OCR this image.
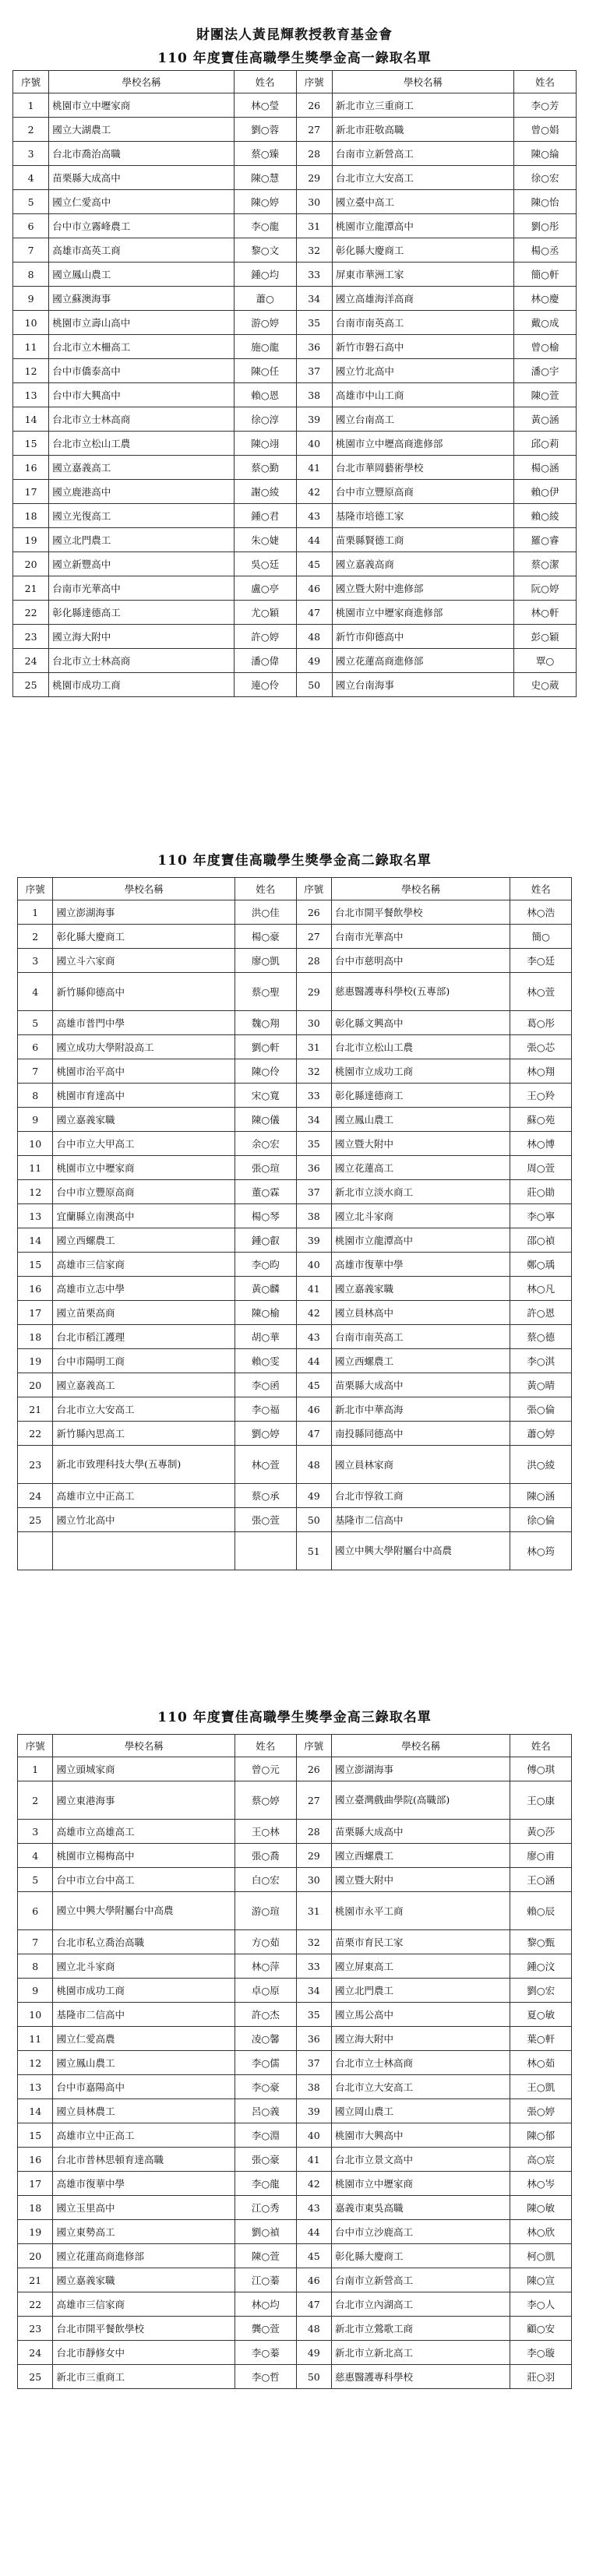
財團法人黃昆輝教授教育基金會
110 年度寶佳高職學生獎學金高一錄取名單
序號	學校名稱	姓名	序號	學校名稱	姓名
1	桃園市立中壢家商	林○瑩	26	新北市立三重商工	李○芳
2	國立大湖農工	劉○蓉	27	新北市莊敬高職	曾○娟
3	台北市喬治高職	蔡○臻	28	台南市立新營高工	陳○綸
4	苗栗縣大成高中	陳○慧	29	台北市立大安高工	徐○宏
5	國立仁愛高中	陳○婷	30	國立臺中高工	陳○怡
6	台中市立霧峰農工	李○龍	31	桃園市立龍潭高中	劉○彤
7	高雄市高英工商	黎○文	32	彰化縣大慶商工	楊○丞
8	國立鳳山農工	鍾○均	33	屏東市華洲工家	簡○軒
9	國立蘇澳海事	蕭○	34	國立高雄海洋高商	林○慶
10	桃園市立壽山高中	游○婷	35	台南市南英高工	戴○成
11	台北市立木柵高工	施○龍	36	新竹市磐石高中	曾○榆
12	台中市僑泰高中	陳○任	37	國立竹北高中	潘○宇
13	台中市大興高中	賴○恩	38	高雄市中山工商	陳○萱
14	台北市立士林高商	徐○淳	39	國立台南高工	黃○涵
15	台北市立松山工農	陳○翊	40	桃園市立中壢高商進修部	邱○莉
16	國立嘉義高工	蔡○勤	41	台北市華岡藝術學校	楊○涵
17	國立鹿港高中	謝○綾	42	台中市立豐原高商	賴○伊
18	國立光復高工	鍾○君	43	基隆市培德工家	賴○綾
19	國立北門農工	朱○婕	44	苗栗縣賢德工商	羅○睿
20	國立新豐高中	吳○廷	45	國立嘉義高商	蔡○潔
21	台南市光華高中	盧○亭	46	國立暨大附中進修部	阮○婷
22	彰化縣達德高工	尤○穎	47	桃園市立中壢家商進修部	林○軒
23	國立海大附中	許○婷	48	新竹市仰德高中	彭○穎
24	台北市立士林高商	潘○偉	49	國立花蓮高商進修部	覃○
25	桃園市成功工商	連○伶	50	國立台南海事	史○葳
110 年度寶佳高職學生獎學金高二錄取名單
序號	學校名稱	姓名	序號	學校名稱	姓名
1	國立澎湖海事	洪○佳	26	台北市開平餐飲學校	林○浩
2	彰化縣大慶商工	楊○豪	27	台南市光華高中	簡○
3	國立斗六家商	廖○凱	28	台中市慈明高中	李○廷
4	新竹縣仰德高中	蔡○聖	29	慈惠醫護專科學校(五專部)	林○萱
5	高雄市普門中學	魏○翔	30	彰化縣文興高中	葛○彤
6	國立成功大學附設高工	劉○軒	31	台北市立松山工農	張○芯
7	桃園市治平高中	陳○伶	32	桃園市立成功工商	林○翔
8	桃園市育達高中	宋○寬	33	彰化縣達德商工	王○羚
9	國立嘉義家職	陳○儀	34	國立鳳山農工	蘇○苑
10	台中市立大甲高工	余○宏	35	國立暨大附中	林○博
11	桃園市立中壢家商	張○瑄	36	國立花蓮高工	周○萱
12	台中市立豐原高商	董○霖	37	新北市立淡水商工	莊○勛
13	宜蘭縣立南澳高中	楊○琴	38	國立北斗家商	李○寧
14	國立西螺農工	鍾○叡	39	桃園市立龍潭高中	邵○禎
15	高雄市三信家商	李○昀	40	高雄市復華中學	鄭○瑀
16	高雄市立志中學	黃○麟	41	國立嘉義家職	林○凡
17	國立苗栗高商	陳○榆	42	國立員林高中	許○恩
18	台北市稻江護理	胡○華	43	台南市南英高工	蔡○德
19	台中市陽明工商	賴○雯	44	國立西螺農工	李○淇
20	國立嘉義高工	李○函	45	苗栗縣大成高中	黃○晴
21	台北市立大安高工	李○福	46	新北市中華高海	張○倫
22	新竹縣內思高工	劉○婷	47	南投縣同德高中	蕭○婷
23	新北市致理科技大學(五專制)	林○萱	48	國立員林家商	洪○綾
24	高雄市立中正高工	蔡○承	49	台北市惇敘工商	陳○涵
25	國立竹北高中	張○萱	50	基隆市二信高中	徐○倫
			51	國立中興大學附屬台中高農	林○筠
110 年度寶佳高職學生獎學金高三錄取名單
序號	學校名稱	姓名	序號	學校名稱	姓名
1	國立頭城家商	曾○元	26	國立澎湖海事	傅○琪
2	國立東港海事	蔡○婷	27	國立臺灣戲曲學院(高職部)	王○康
3	高雄市立高雄高工	王○林	28	苗栗縣大成高中	黃○莎
4	桃園市立楊梅高中	張○喬	29	國立西螺農工	廖○甫
5	台中市立台中高工	白○宏	30	國立暨大附中	王○涵
6	國立中興大學附屬台中高農	游○瑄	31	桃園市永平工商	賴○辰
7	台北市私立喬治高職	方○茹	32	苗栗市育民工家	黎○甄
8	國立北斗家商	林○萍	33	國立屏東高工	鍾○汶
9	桃園市成功工商	卓○原	34	國立北門農工	劉○宏
10	基隆市二信高中	許○杰	35	國立馬公高中	夏○敏
11	國立仁愛高農	凌○馨	36	國立海大附中	葉○軒
12	國立鳳山農工	李○儒	37	台北市立士林高商	林○茹
13	台中市嘉陽高中	李○豪	38	台北市立大安高工	王○凱
14	國立員林農工	呂○義	39	國立岡山農工	張○婷
15	高雄市立中正高工	李○淵	40	桃園市大興高中	陳○郁
16	台北市普林思頓育達高職	張○豪	41	台北市立景文高中	高○宸
17	高雄市復華中學	李○龍	42	桃園市立中壢家商	林○岑
18	國立玉里高中	江○秀	43	嘉義市東吳高職	陳○敏
19	國立東勢高工	劉○禎	44	台中市立沙鹿高工	林○欣
20	國立花蓮高商進修部	陳○萱	45	彰化縣大慶商工	柯○凱
21	國立嘉義家職	江○蓁	46	台南市立新營高工	陳○宣
22	高雄市三信家商	林○均	47	台北市立內湖高工	李○人
23	台北市開平餐飲學校	龔○萱	48	新北市立鶯歌工商	顧○安
24	台北市靜修女中	李○蓁	49	新北市立新北高工	李○璇
25	新北市三重商工	李○哲	50	慈惠醫護專科學校	莊○羽
